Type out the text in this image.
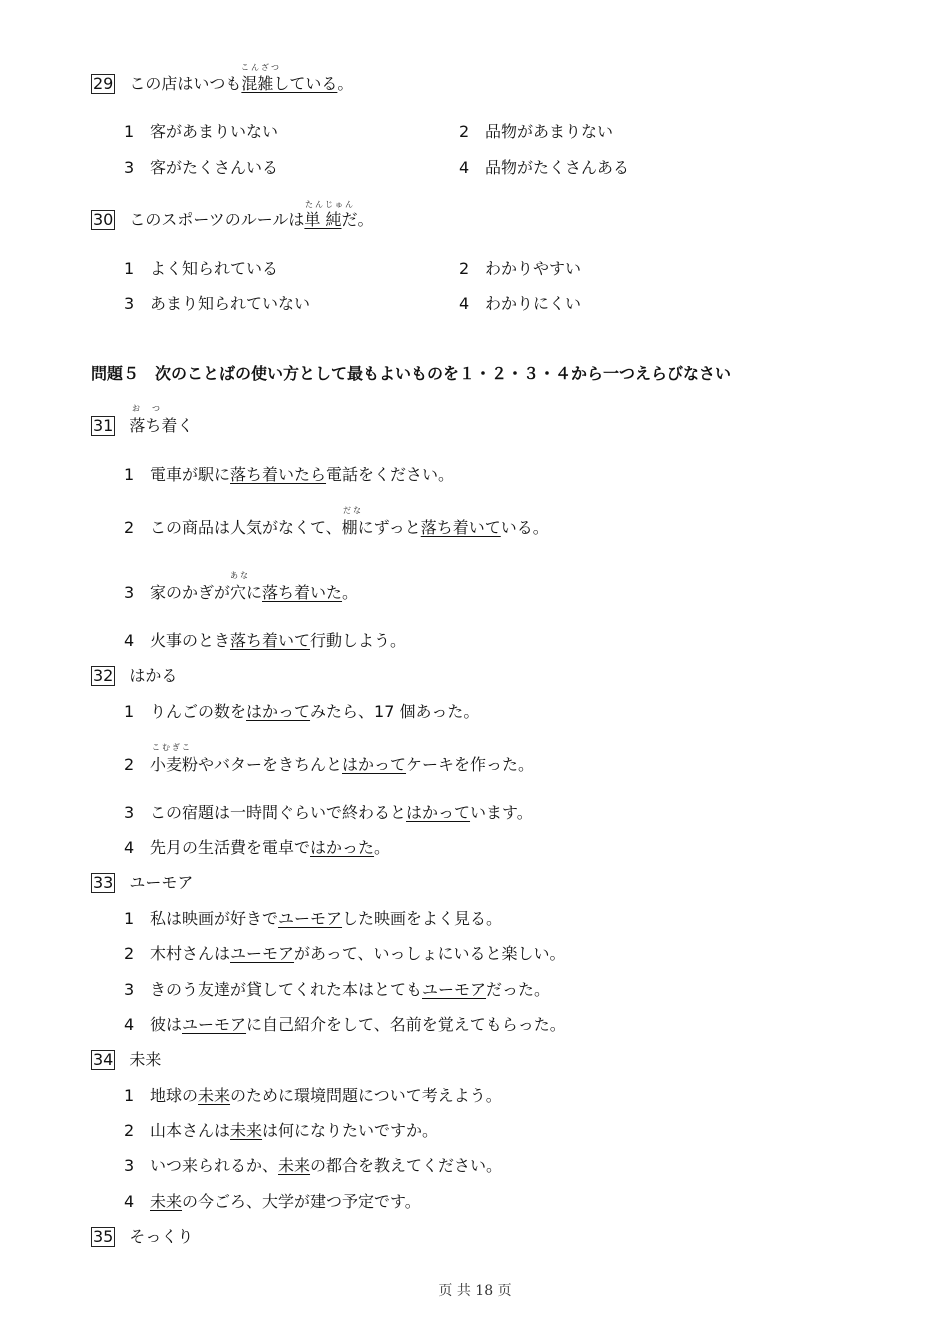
29 この店はいつも混雑している。
こんざつ
1 客があまりいない	2 品物があまりない
3 客がたくさんいる	4 品物がたくさんある
30 このスポーツのルールは単 純だ。
たんじゅん
1 よく知られている	2 わかりやすい
3 あまり知られていない	4 わかりにくい
問題５　次のことばの使い方として最もよいものを１・２・３・４から一つえらびなさい
お　つ
31 落ち着く
1 電車が駅に落ち着いたら電話をください。
だな
2 この商品は人気がなくて、棚にずっと落ち着いている。
あな
3 家のかぎが穴に落ち着いた。
4 火事のとき落ち着いて行動しよう。
32 はかる
1 りんごの数をはかってみたら、17 個あった。
こむぎこ
2 小麦粉やバターをきちんとはかってケーキを作った。
3 この宿題は一時間ぐらいで終わるとはかっています。
4 先月の生活費を電卓ではかった。
33 ユーモア
1 私は映画が好きでユーモアした映画をよく見る。
2 木村さんはユーモアがあって、いっしょにいると楽しい。
3 きのう友達が貸してくれた本はとてもユーモアだった。
4 彼はユーモアに自己紹介をして、名前を覚えてもらった。
34 未来
1 地球の未来のために環境問題について考えよう。
2 山本さんは未来は何になりたいですか。
3 いつ来られるか、未来の都合を教えてください。
4 未来の今ごろ、大学が建つ予定です。
35 そっくり
页 共 18 页
